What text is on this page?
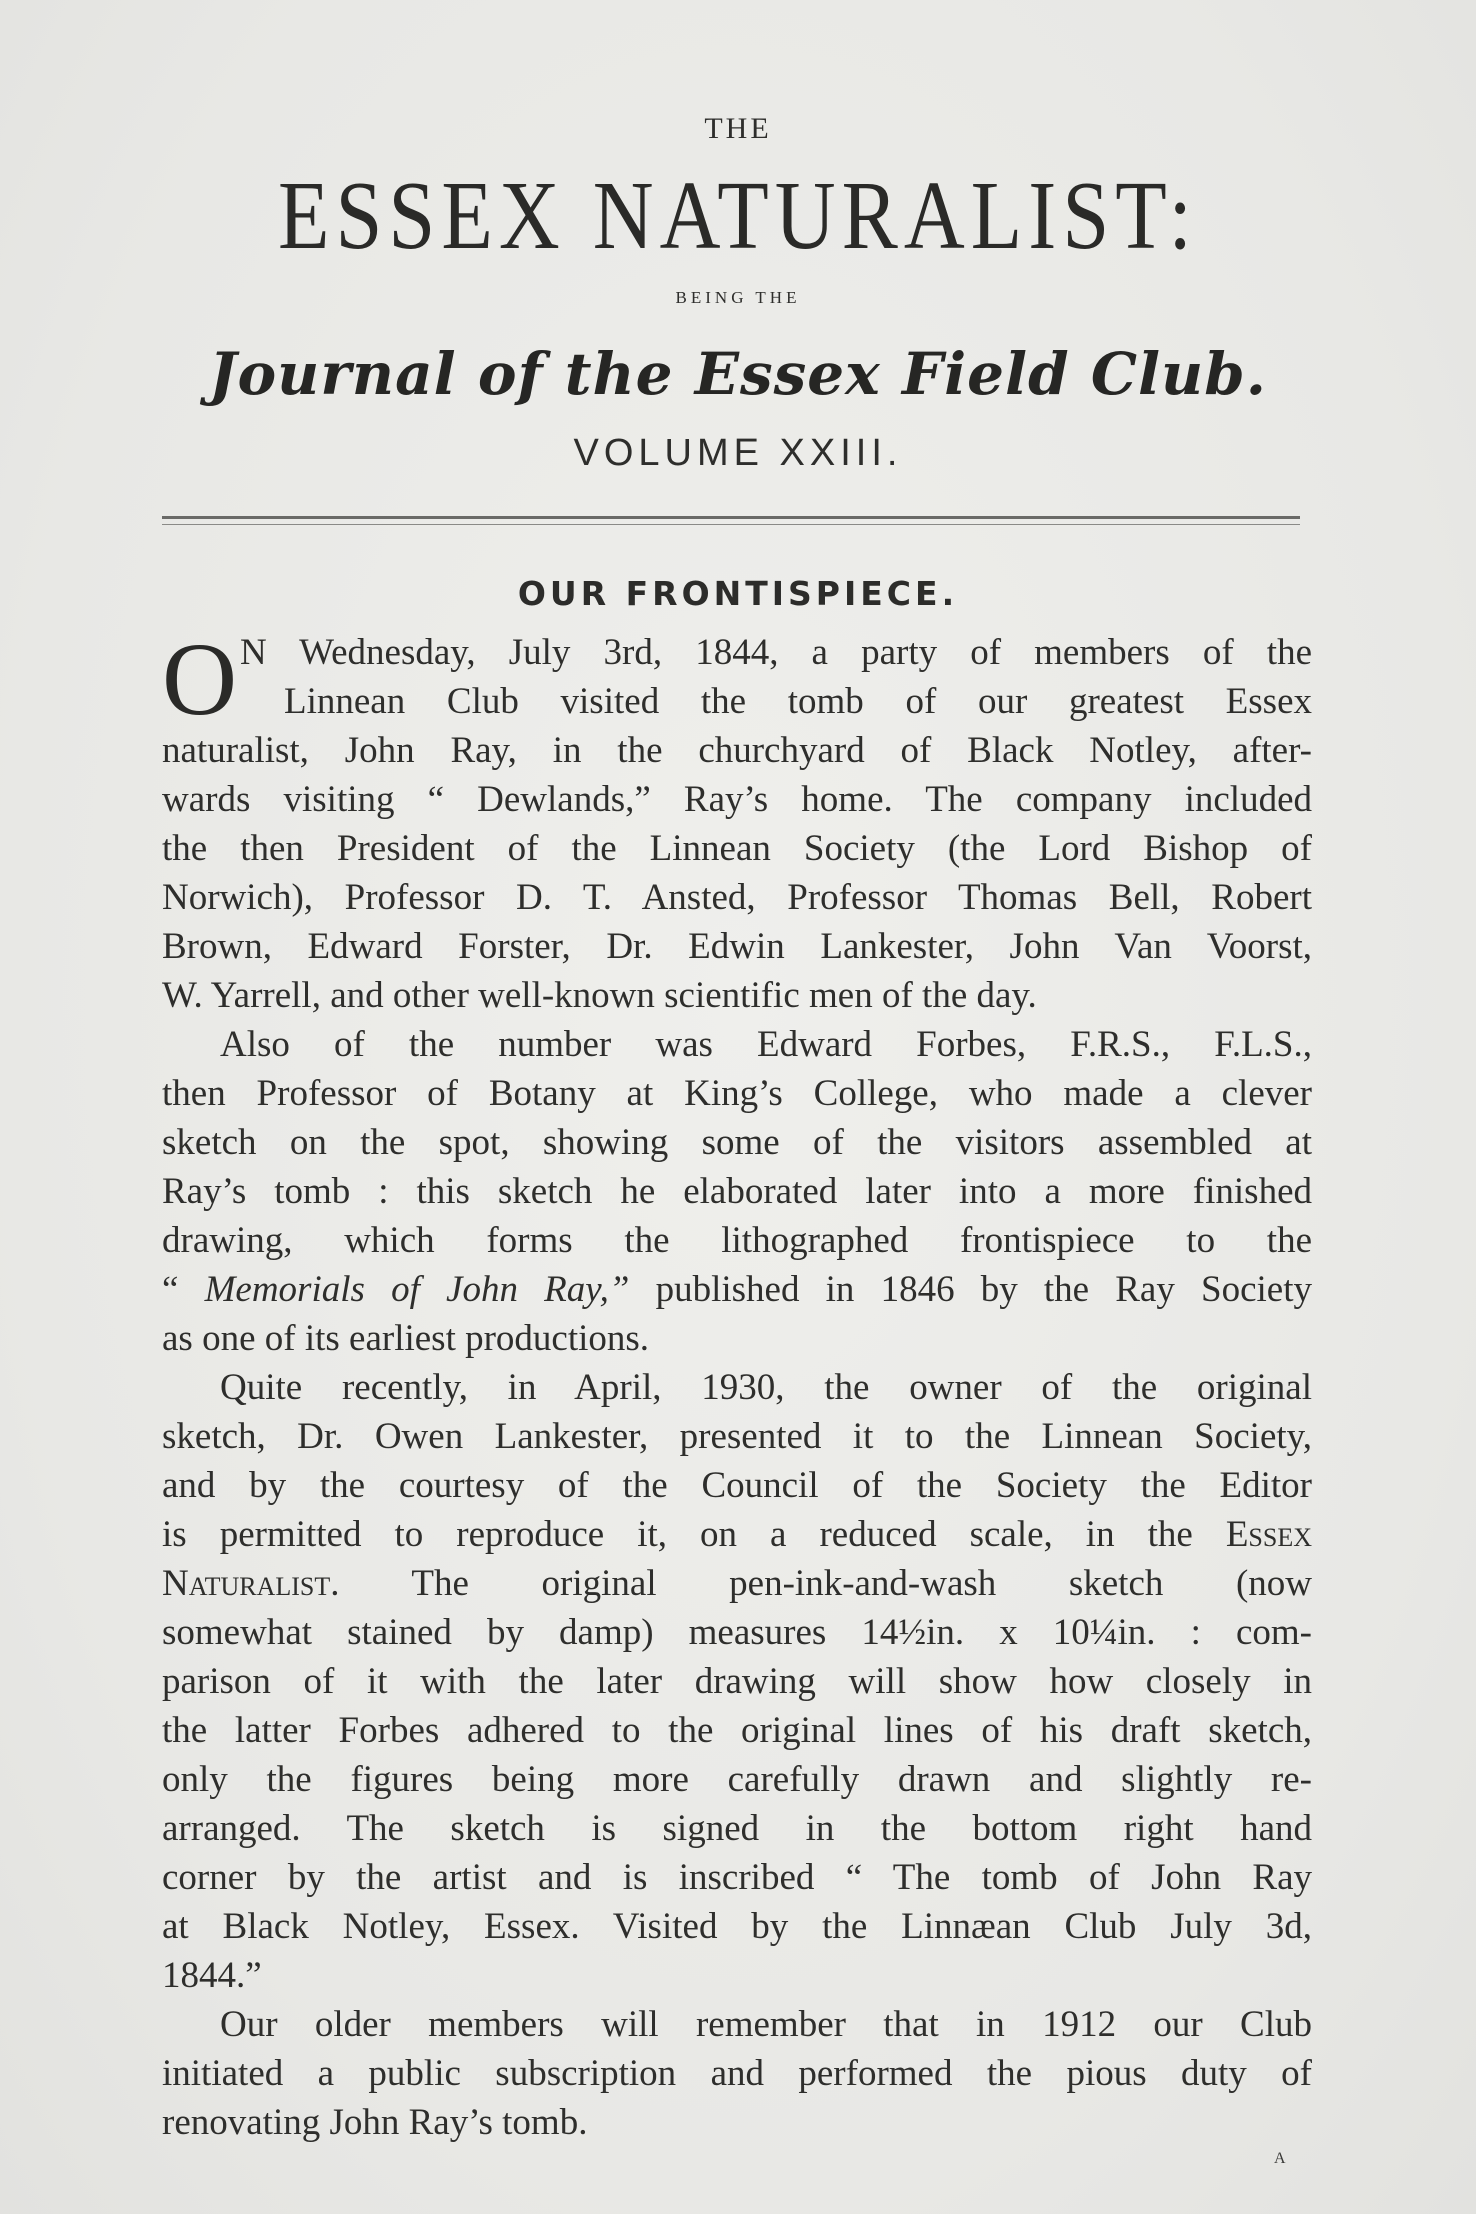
THE
ESSEX NATURALIST:
BEING THE
Journal of the Essex Field Club.
VOLUME XXIII.
OUR FRONTISPIECE.
O N Wednesday, July 3rd, 1844, a party of members of the
Linnean Club visited the tomb of our greatest Essex
naturalist, John Ray, in the churchyard of Black Notley, after-
wards visiting “ Dewlands,” Ray’s home. The company included
the then President of the Linnean Society (the Lord Bishop of
Norwich), Professor D. T. Ansted, Professor Thomas Bell, Robert
Brown, Edward Forster, Dr. Edwin Lankester, John Van Voorst,
W. Yarrell, and other well-known scientific men of the day.
Also of the number was Edward Forbes, F.R.S., F.L.S.,
then Professor of Botany at King’s College, who made a clever
sketch on the spot, showing some of the visitors assembled at
Ray’s tomb : this sketch he elaborated later into a more finished
drawing, which forms the lithographed frontispiece to the
“ Memorials of John Ray,” published in 1846 by the Ray Society
as one of its earliest productions.
Quite recently, in April, 1930, the owner of the original
sketch, Dr. Owen Lankester, presented it to the Linnean Society,
and by the courtesy of the Council of the Society the Editor
is permitted to reproduce it, on a reduced scale, in the Essex
Naturalist. The original pen-ink-and-wash sketch (now
somewhat stained by damp) measures 14½in. x 10¼in. : com-
parison of it with the later drawing will show how closely in
the latter Forbes adhered to the original lines of his draft sketch,
only the figures being more carefully drawn and slightly re-
arranged. The sketch is signed in the bottom right hand
corner by the artist and is inscribed “ The tomb of John Ray
at Black Notley, Essex. Visited by the Linnæan Club July 3d,
1844.”
Our older members will remember that in 1912 our Club
initiated a public subscription and performed the pious duty of
renovating John Ray’s tomb.
A
